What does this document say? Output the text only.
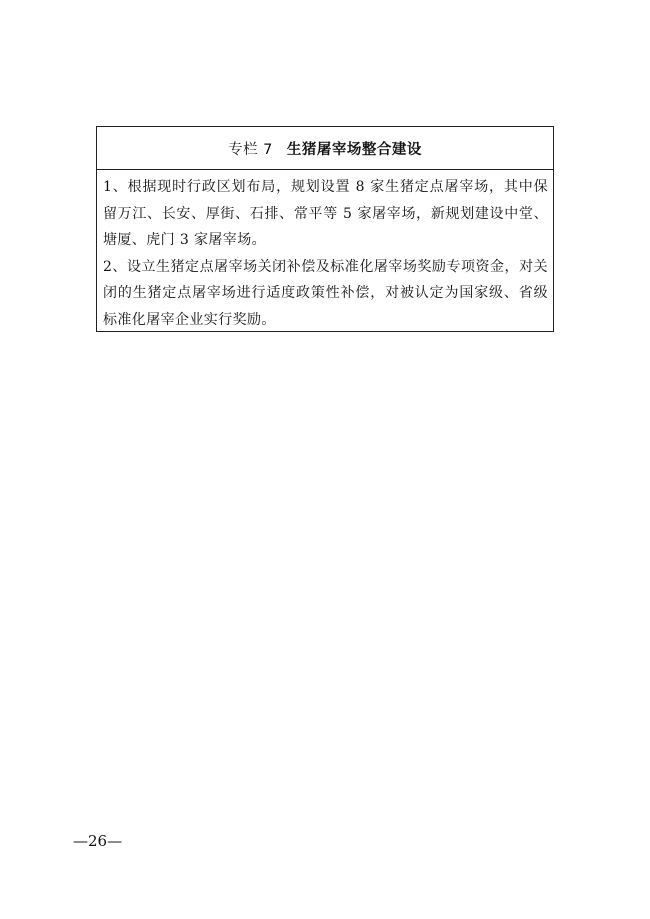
专栏 7 生猪屠宰场整合建设

1、根据现时行政区划布局，规划设置 8 家生猪定点屠宰场，其中保留万江、长安、厚街、石排、常平等 5 家屠宰场，新规划建设中堂、塘厦、虎门 3 家屠宰场。

2、设立生猪定点屠宰场关闭补偿及标准化屠宰场奖励专项资金，对关闭的生猪定点屠宰场进行适度政策性补偿，对被认定为国家级、省级标准化屠宰企业实行奖励。

—26—
